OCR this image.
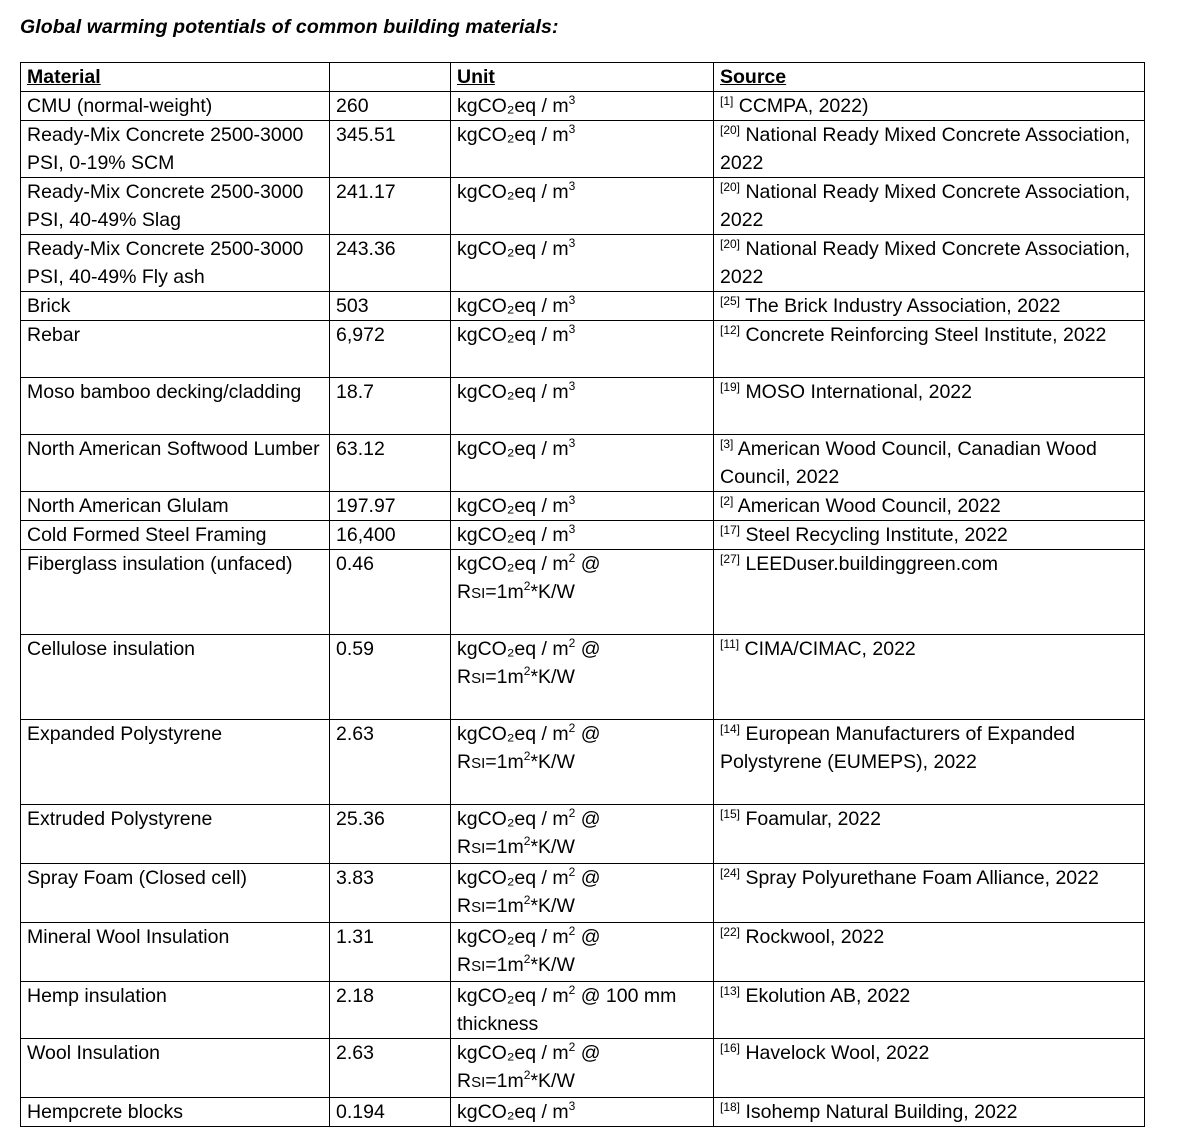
Global warming potentials of common building materials:
Material		Unit	Source
CMU (normal-weight)	260	kgCO₂eq / $m^3$	[1] CCMPA, 2022)
Ready-Mix Concrete 2500-3000 PSI, 0-19% SCM	345.51	kgCO₂eq / $m^3$	[20] National Ready Mixed Concrete Association, 2022
Ready-Mix Concrete 2500-3000 PSI, 40-49% Slag	241.17	kgCO₂eq / $m^3$	[20] National Ready Mixed Concrete Association, 2022
Ready-Mix Concrete 2500-3000 PSI, 40-49% Fly ash	243.36	kgCO₂eq / $m^3$	[20] National Ready Mixed Concrete Association, 2022
Brick	503	kgCO₂eq / $m^3$	[25] The Brick Industry Association, 2022
Rebar	6,972	kgCO₂eq / $m^3$	[12] Concrete Reinforcing Steel Institute, 2022
Moso bamboo decking/cladding	18.7	kgCO₂eq / $m^3$	[19] MOSO International, 2022
North American Softwood Lumber	63.12	kgCO₂eq / $m^3$	[3] American Wood Council, Canadian Wood Council, 2022
North American Glulam	197.97	kgCO₂eq / $m^3$	[2] American Wood Council, 2022
Cold Formed Steel Framing	16,400	kgCO₂eq / $m^3$	[17] Steel Recycling Institute, 2022
Fiberglass insulation (unfaced)	0.46	kgCO₂eq / $m^2$ @ $RSI=1m^2*K/W$	[27] LEEDuser.buildinggreen.com
Cellulose insulation	0.59	kgCO₂eq / $m^2$ @ $RSI=1m^2*K/W$	[11] CIMA/CIMAC, 2022
Expanded Polystyrene	2.63	kgCO₂eq / $m^2$ @ $RSI=1m^2*K/W$	[14] European Manufacturers of Expanded Polystyrene (EUMEPS), 2022
Extruded Polystyrene	25.36	kgCO₂eq / $m^2$ @ $RSI=1m^2*K/W$	[15] Foamular, 2022
Spray Foam (Closed cell)	3.83	kgCO₂eq / $m^2$ @ $RSI=1m^2*K/W$	[24] Spray Polyurethane Foam Alliance, 2022
Mineral Wool Insulation	1.31	kgCO₂eq / $m^2$ @ $RSI=1m^2*K/W$	[22] Rockwool, 2022
Hemp insulation	2.18	kgCO₂eq / $m^2$ @ 100 mm thickness	[13] Ekolution AB, 2022
Wool Insulation	2.63	kgCO₂eq / $m^2$ @ $RSI=1m^2*K/W$	[16] Havelock Wool, 2022
Hempcrete blocks	0.194	kgCO₂eq / $m^3$	[18] Isohemp Natural Building, 2022
